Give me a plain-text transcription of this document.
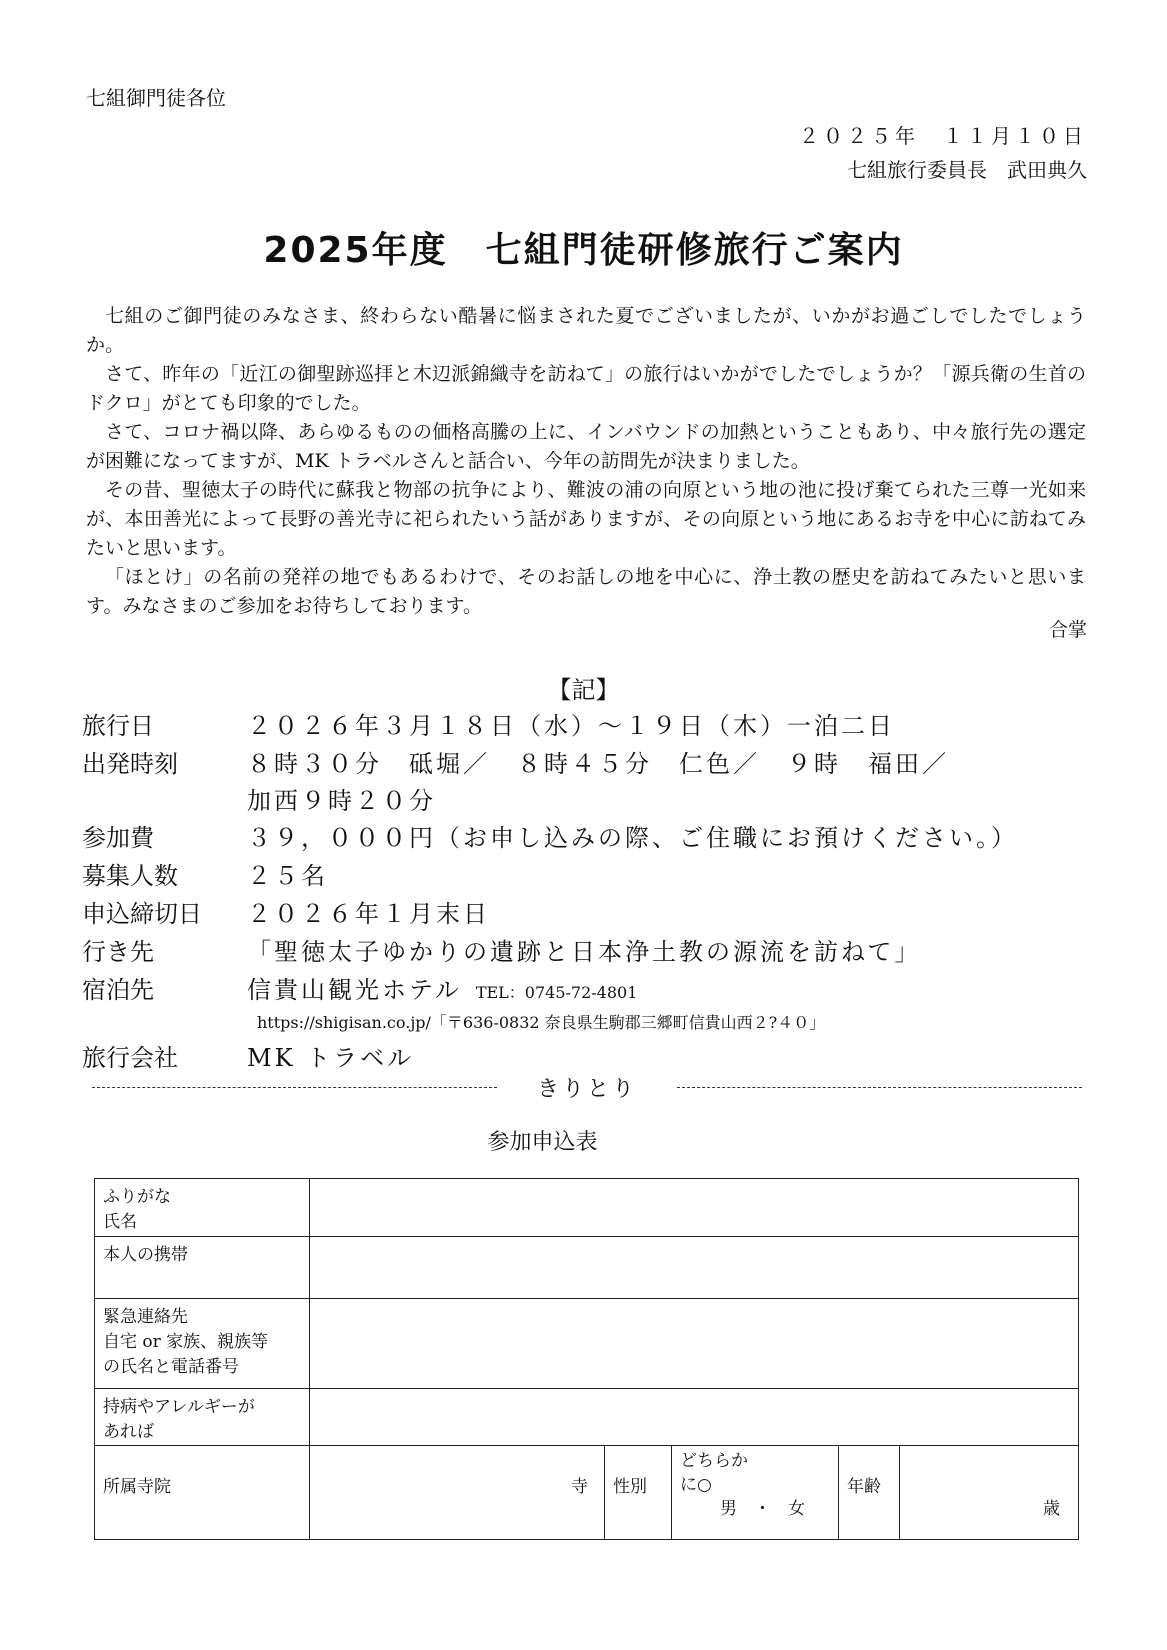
七組御門徒各位
２０２５年　１１月１０日
七組旅行委員長　武田典久
2025年度　七組門徒研修旅行ご案内

七組のご御門徒のみなさま、終わらない酷暑に悩まされた夏でございましたが、いかがお過ごしでしたでしょうか。

さて、昨年の「近江の御聖跡巡拝と木辺派錦織寺を訪ねて」の旅行はいかがでしたでしょうか？「源兵衛の生首のドクロ」がとても印象的でした。

さて、コロナ禍以降、あらゆるものの価格高騰の上に、インバウンドの加熱ということもあり、中々旅行先の選定が困難になってますが、MK トラベルさんと話合い、今年の訪問先が決まりました。

その昔、聖徳太子の時代に蘇我と物部の抗争により、難波の浦の向原という地の池に投げ棄てられた三尊一光如来が、本田善光によって長野の善光寺に祀られたいう話がありますが、その向原という地にあるお寺を中心に訪ねてみたいと思います。

「ほとけ」の名前の発祥の地でもあるわけで、そのお話しの地を中心に、浄土教の歴史を訪ねてみたいと思います。みなさまのご参加をお待ちしております。

合掌
【記】
旅行日	２０２６年３月１８日（水）～１９日（木）一泊二日
出発時刻	８時３０分　砥堀／　８時４５分　仁色／　９時　福田／
加西９時２０分
参加費	３９，０００円（お申し込みの際、ご住職にお預けください。）
募集人数	２５名
申込締切日	２０２６年１月末日
行き先	「聖徳太子ゆかりの遺跡と日本浄土教の源流を訪ねて」
宿泊先	信貴山観光ホテル TEL：0745-72-4801
https://shigisan.co.jp/「〒636-0832 奈良県生駒郡三郷町信貴山西２?４０」
旅行会社	MK トラベル
きりとり
参加申込表
ふりがな
氏名					

本人の携帯					

緊急連絡先
自宅 or 家族、親族等
の氏名と電話番号					

持病やアレルギーが
あれば					

所属寺院	寺	性別	どちらか
に○
男　・　女	年齢	歳
